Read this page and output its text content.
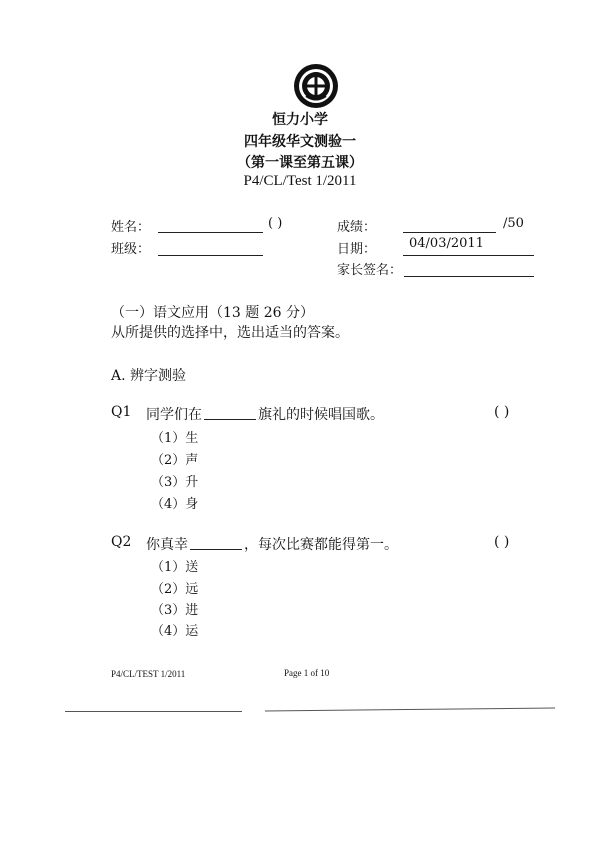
恒力小学
四年级华文测验一
（第一课至第五课）
P4/CL/Test 1/2011
姓名：	( )	成绩：	/50
班级：	日期：	04/03/2011
家长签名：
（一）语文应用（13 题 26 分）
从所提供的选择中，选出适当的答案。
A. 辨字测验
Q1 同学们在	旗礼的时候唱国歌。	( )
（1）生
（2）声
（3）升
（4）身
Q2 你真幸	，每次比赛都能得第一。	( )
（1）送
（2）远
（3）进
（4）运
P4/CL/TEST 1/2011	Page 1 of 10
